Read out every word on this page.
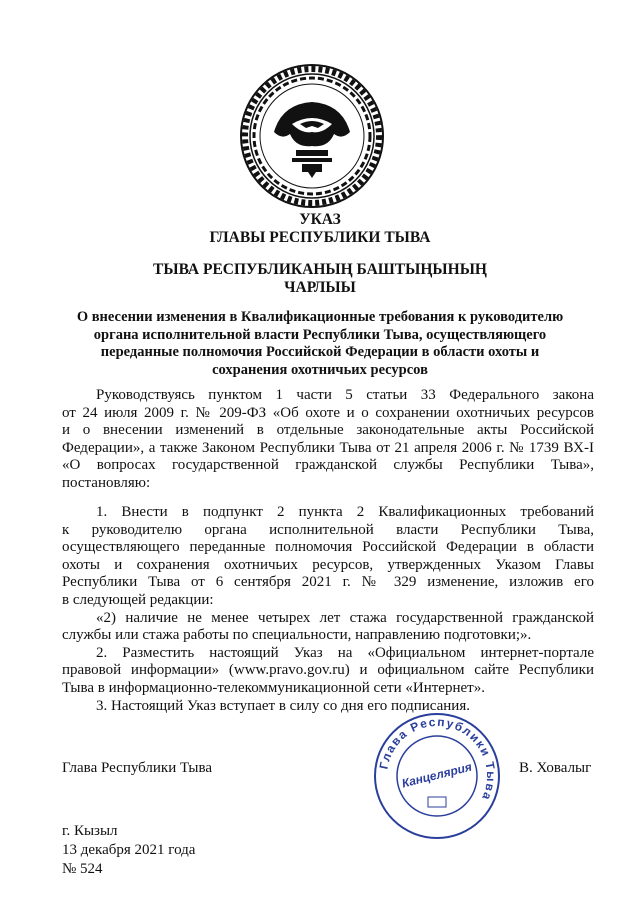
УКАЗ
ГЛАВЫ РЕСПУБЛИКИ ТЫВА
ТЫВА РЕСПУБЛИКАНЫҢ БАШТЫҢЫНЫҢ
ЧАРЛЫЫ
О внесении изменения в Квалификационные требования к руководителю
органа исполнительной власти Республики Тыва, осуществляющего
переданные полномочия Российской Федерации в области охоты и
сохранения охотничьих ресурсов
Руководствуясь пунктом 1 части 5 статьи 33 Федерального закона
от 24 июля 2009 г. № 209-ФЗ «Об охоте и о сохранении охотничьих ресурсов
и о внесении изменений в отдельные законодательные акты Российской
Федерации», а также Законом Республики Тыва от 21 апреля 2006 г. № 1739 ВХ-I
«О вопросах государственной гражданской службы Республики Тыва»,
постановляю:
1. Внести в подпункт 2 пункта 2 Квалификационных требований
к руководителю органа исполнительной власти Республики Тыва,
осуществляющего переданные полномочия Российской Федерации в области
охоты и сохранения охотничьих ресурсов, утвержденных Указом Главы
Республики Тыва от 6 сентября 2021 г. № 329 изменение, изложив его
в следующей редакции:
«2) наличие не менее четырех лет стажа государственной гражданской
службы или стажа работы по специальности, направлению подготовки;».
2. Разместить настоящий Указ на «Официальном интернет-портале
правовой информации» (www.pravo.gov.ru) и официальном сайте Республики
Тыва в информационно-телекоммуникационной сети «Интернет».
3. Настоящий Указ вступает в силу со дня его подписания.
Глава Республики Тыва	В. Ховалыг
Глава Республики Тыва
Канцелярия
г. Кызыл
13 декабря 2021 года
№ 524
